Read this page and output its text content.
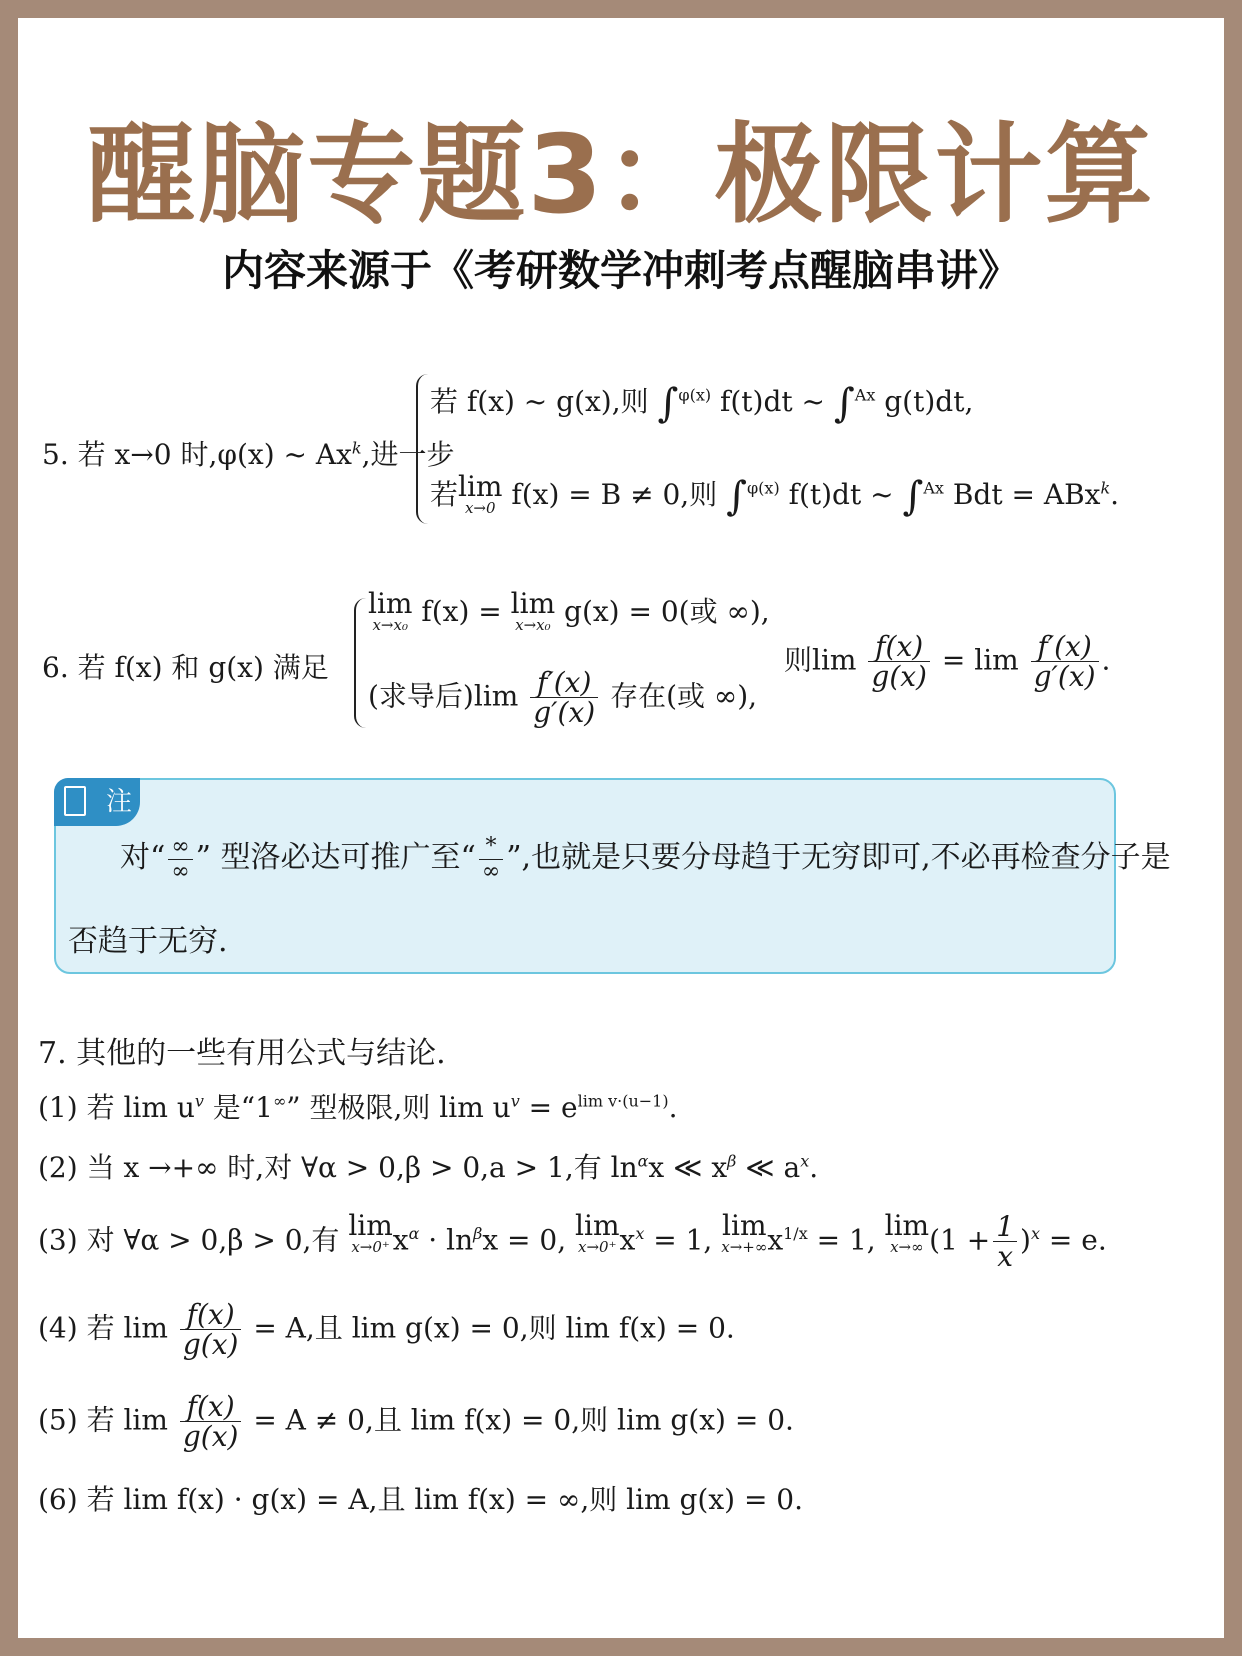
醒脑专题3：极限计算
内容来源于《考研数学冲刺考点醒脑串讲》
5. 若 x→0 时,φ(x) ~ Ax$^k$,进一步
若 f(x) ~ g(x),则 ∫$^{\varphi(x)}$ f(t)dt ~ ∫$^{Ax}$ g(t)dt,
若lim
x→0 f(x) = B ≠ 0,则 ∫$^{\varphi(x)}$ f(t)dt ~ ∫$^{Ax}$ Bdt = ABx$^k$.
6. 若 f(x) 和 g(x) 满足
lim
x→x₀ f(x) = lim
x→x₀ g(x) = 0(或 ∞),
(求导后)$\lim \frac{f'(x)}{g'(x)}$ 存在(或 ∞),
则$\lim \frac{f(x)}{g(x)} = \lim \frac{f'(x)}{g'(x)}$ .
注
对“ $\frac{\infty}{\infty}$ ” 型洛必达可推广至“ $\frac{*}{\infty}$ ”,也就是只要分母趋于无穷即可,不必再检查分子是
否趋于无穷.
7. 其他的一些有用公式与结论.
(1) 若 $\lim u^v$ 是“1∞” 型极限,则 $\lim u^v = e^{lim v\cdot(u-1)}$.
(2) 当 x →+∞ 时,对 ∀α > 0,β > 0,a > 1,有 $\ln^\alpha x$ ≪ $x^\beta$ ≪ $a^x$.
(3) 对 ∀α > 0,β > 0,有 lim
x→0⁺ $x^\alpha \cdot \ln^\beta x = 0$, lim
x→0⁺ $x^x = 1$, lim
x→+∞ $x^{1/x} = 1$, lim
x→∞ $(1 + \frac{1}{x} )^x = e$.
(4) 若 $\lim \frac{f(x)}{g(x)} = A$,且 lim g(x) = 0,则 lim f(x) = 0.
(5) 若 $\lim \frac{f(x)}{g(x)} = A \ne 0$,且 lim f(x) = 0,则 lim g(x) = 0.
(6) 若 lim f(x) · g(x) = A,且 lim f(x) = ∞,则 lim g(x) = 0.
